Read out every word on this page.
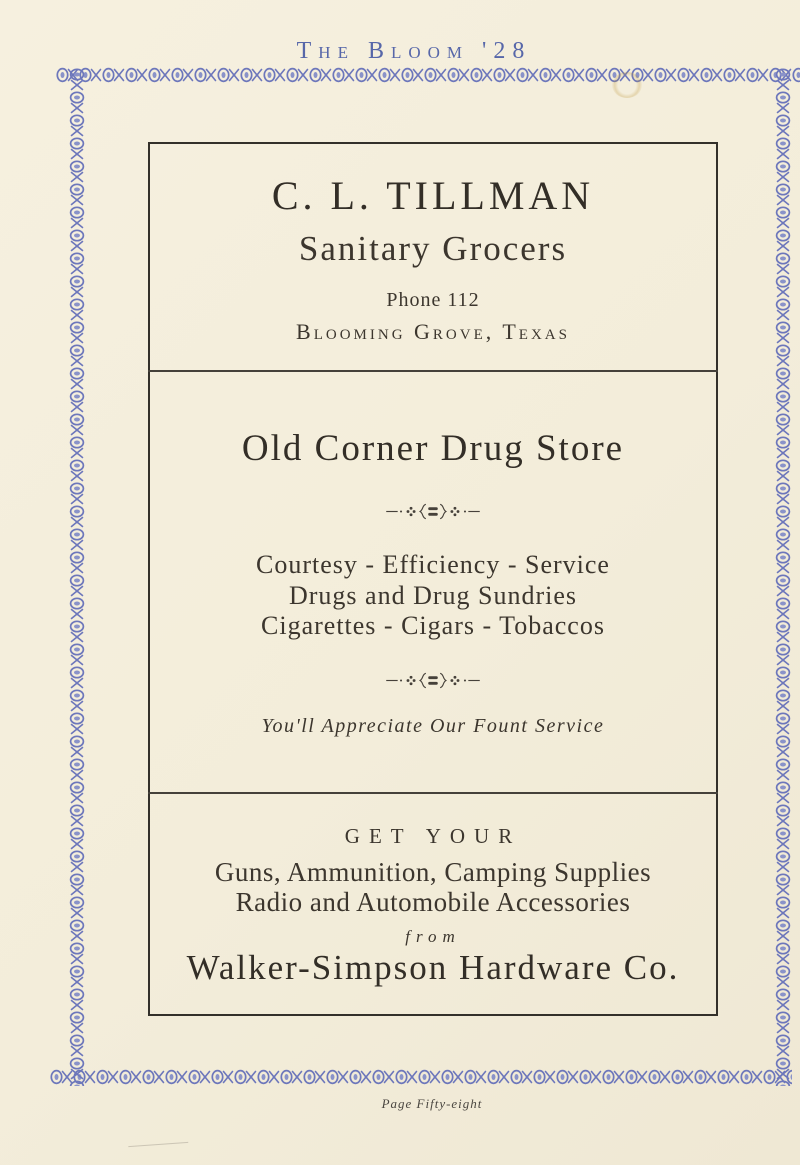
The Bloom '28
C. L. TILLMAN
Sanitary Grocers
Phone 112
Blooming Grove, Texas
Old Corner Drug Store
Courtesy - Efficiency - Service
Drugs and Drug Sundries
Cigarettes - Cigars - Tobaccos
You'll Appreciate Our Fount Service
GET YOUR
Guns, Ammunition, Camping Supplies
Radio and Automobile Accessories
from
Walker-Simpson Hardware Co.
Page Fifty-eight
